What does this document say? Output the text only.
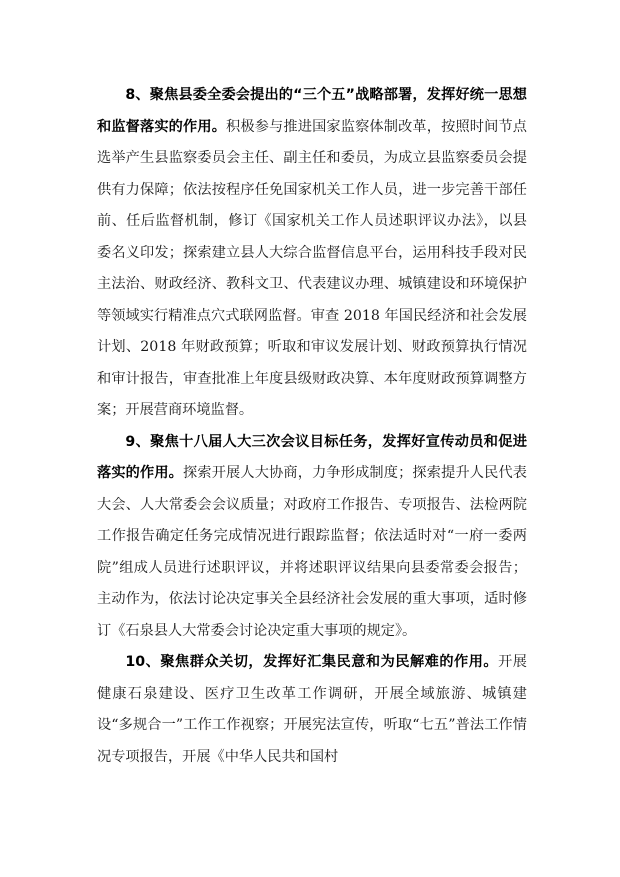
8、聚焦县委全委会提出的“三个五”战略部署，发挥好统一思想和监督落实的作用。积极参与推进国家监察体制改革，按照时间节点选举产生县监察委员会主任、副主任和委员，为成立县监察委员会提供有力保障；依法按程序任免国家机关工作人员，进一步完善干部任前、任后监督机制，修订《国家机关工作人员述职评议办法》，以县委名义印发；探索建立县人大综合监督信息平台，运用科技手段对民主法治、财政经济、教科文卫、代表建议办理、城镇建设和环境保护等领域实行精准点穴式联网监督。审查 2018 年国民经济和社会发展计划、2018 年财政预算；听取和审议发展计划、财政预算执行情况和审计报告，审查批准上年度县级财政决算、本年度财政预算调整方案；开展营商环境监督。

9、聚焦十八届人大三次会议目标任务，发挥好宣传动员和促进落实的作用。探索开展人大协商，力争形成制度；探索提升人民代表大会、人大常委会会议质量；对政府工作报告、专项报告、法检两院工作报告确定任务完成情况进行跟踪监督；依法适时对“一府一委两院”组成人员进行述职评议，并将述职评议结果向县委常委会报告；主动作为，依法讨论决定事关全县经济社会发展的重大事项，适时修订《石泉县人大常委会讨论决定重大事项的规定》。

10、聚焦群众关切，发挥好汇集民意和为民解难的作用。开展健康石泉建设、医疗卫生改革工作调研，开展全域旅游、城镇建设“多规合一”工作工作视察；开展宪法宣传，听取“七五”普法工作情况专项报告，开展《中华人民共和国村
